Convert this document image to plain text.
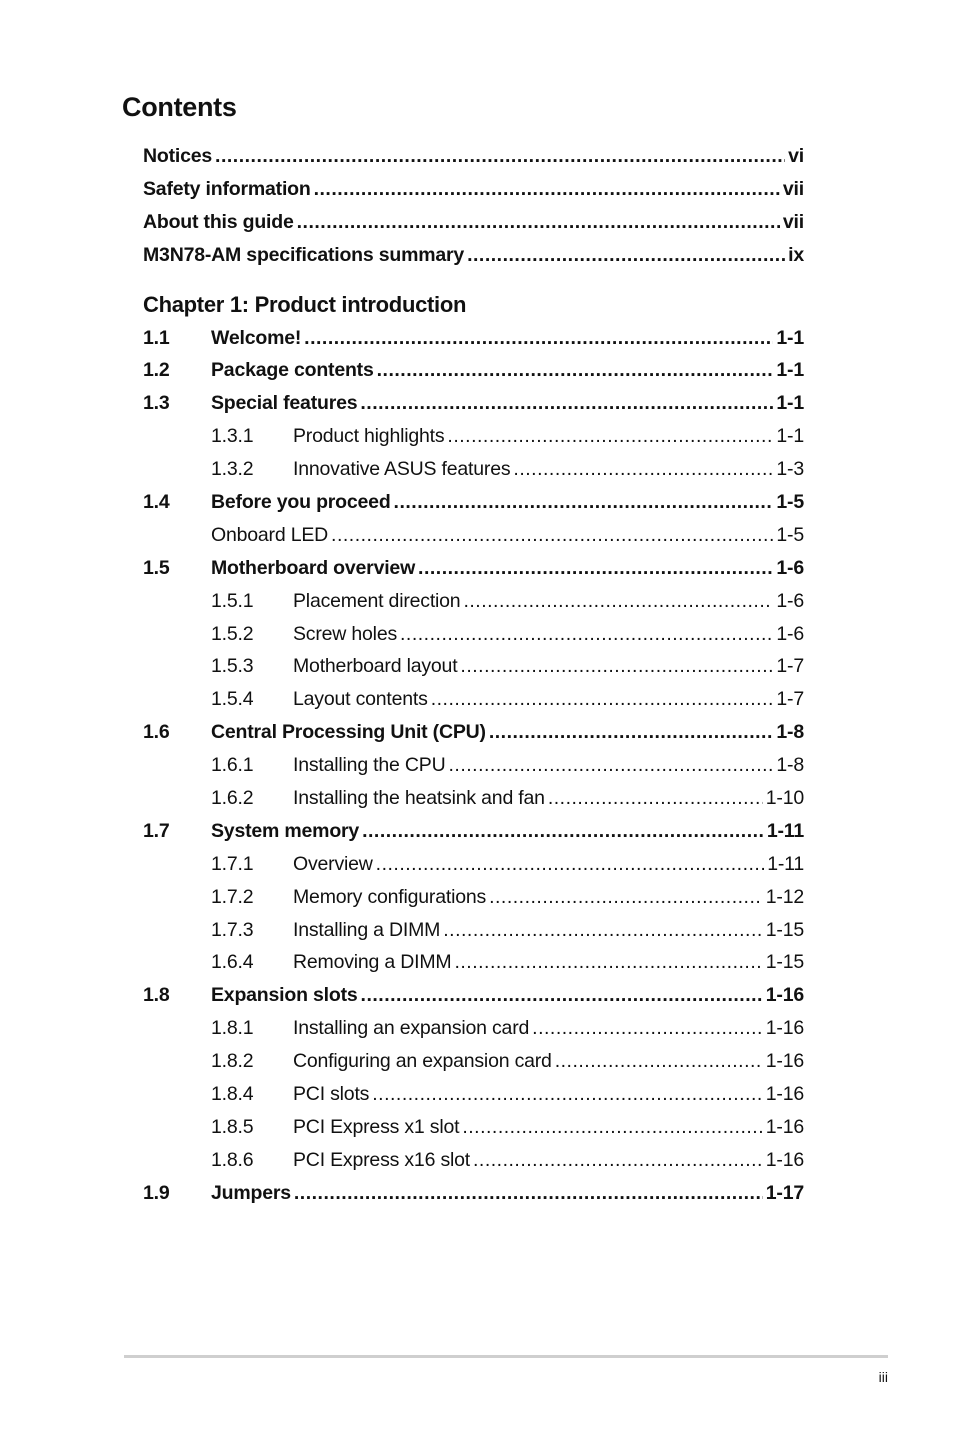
Contents
Notices .....	vi
Safety information .....	vii
About this guide .....	vii
M3N78-AM specifications summary .....	ix
Chapter 1: Product introduction
1.1	Welcome! .....	1-1
1.2	Package contents .....	1-1
1.3	Special features .....	1-1
1.3.1	Product highlights .....	1-1
1.3.2	Innovative ASUS features .....	1-3
1.4	Before you proceed .....	1-5
Onboard LED .....	1-5
1.5	Motherboard overview .....	1-6
1.5.1	Placement direction .....	1-6
1.5.2	Screw holes .....	1-6
1.5.3	Motherboard layout .....	1-7
1.5.4	Layout contents .....	1-7
1.6	Central Processing Unit (CPU) .....	1-8
1.6.1	Installing the CPU .....	1-8
1.6.2	Installing the heatsink and fan .....	1-10
1.7	System memory .....	1-11
1.7.1	Overview .....	1-11
1.7.2	Memory configurations .....	1-12
1.7.3	Installing a DIMM .....	1-15
1.6.4	Removing a DIMM .....	1-15
1.8	Expansion slots .....	1-16
1.8.1	Installing an expansion card .....	1-16
1.8.2	Configuring an expansion card .....	1-16
1.8.4	PCI slots .....	1-16
1.8.5	PCI Express x1 slot .....	1-16
1.8.6	PCI Express x16 slot .....	1-16
1.9	Jumpers .....	1-17
iii
